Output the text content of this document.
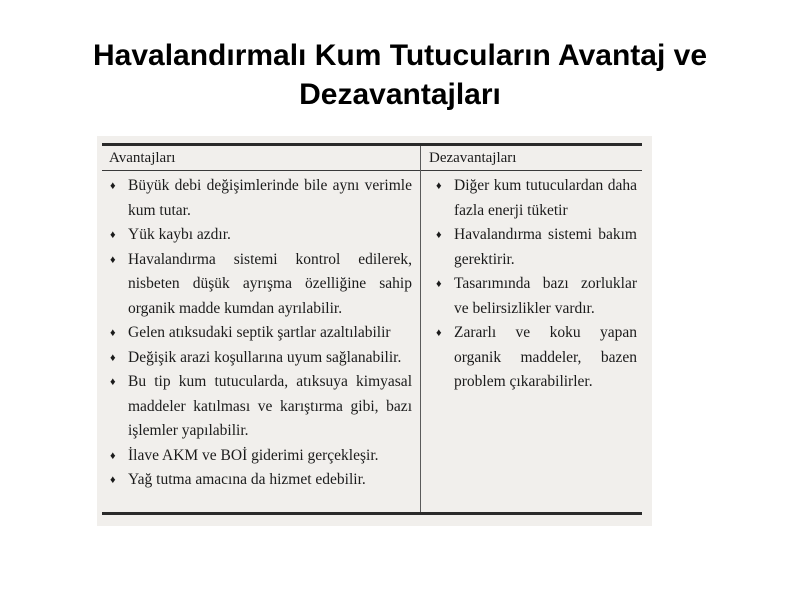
Havalandırmalı Kum Tutucuların Avantaj ve Dezavantajları
Avantajları	Dezavantajları
♦ Büyük debi değişimlerinde bile aynı verimle kum tutar.
♦ Yük kaybı azdır.
♦ Havalandırma sistemi kontrol edilerek, nisbeten düşük ayrışma özelliğine sahip organik madde kumdan ayrılabilir.
♦ Gelen atıksudaki septik şartlar azaltılabilir
♦ Değişik arazi koşullarına uyum sağlanabilir.
♦ Bu tip kum tutucularda, atıksuya kimyasal maddeler katılması ve karıştırma gibi, bazı işlemler yapılabilir.
♦ İlave AKM ve BOİ giderimi gerçekleşir.
♦ Yağ tutma amacına da hizmet edebilir.
♦ Diğer kum tutuculardan daha fazla enerji tüketir
♦ Havalandırma sistemi bakım gerektirir.
♦ Tasarımında bazı zorluklar ve belirsizlikler vardır.
♦ Zararlı ve koku yapan organik maddeler, bazen problem çıkarabilirler.
